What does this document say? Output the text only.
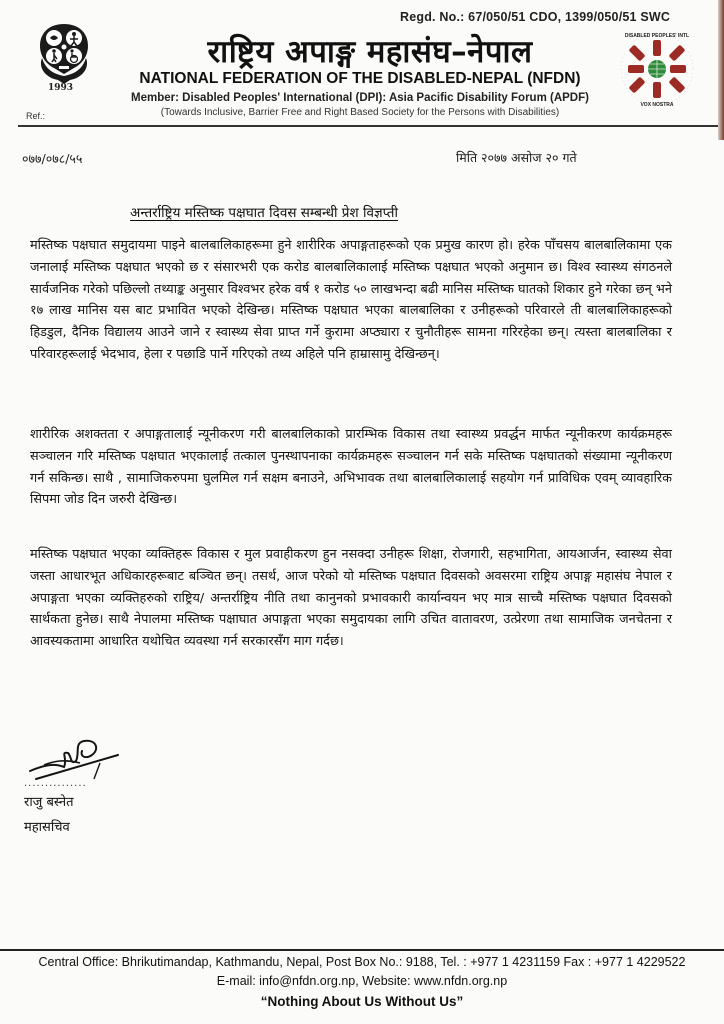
Regd. No.: 67/050/51 CDO, 1399/050/51 SWC
1993
Ref.:
राष्ट्रिय अपाङ्ग महासंघ–नेपाल
NATIONAL FEDERATION OF THE DISABLED-NEPAL (NFDN)
Member: Disabled Peoples' International (DPI): Asia Pacific Disability Forum (APDF)
(Towards Inclusive, Barrier Free and Right Based Society for the Persons with Disabilities)
DISABLED PEOPLES' INTL
VOX NOSTRA
०७७/०७८/५५	मिति २०७७ असोज २० गते
अन्तर्राष्ट्रिय मस्तिष्क पक्षघात दिवस सम्बन्धी प्रेश विज्ञप्ती

मस्तिष्क पक्षघात समुदायमा पाइने बालबालिकाहरूमा हुने शारीरिक अपाङ्गताहरूको एक प्रमुख कारण हो। हरेक पाँचसय बालबालिकामा एक जनालाई मस्तिष्क पक्षघात भएको छ र संसारभरी एक करोड बालबालिकालाई मस्तिष्क पक्षघात भएको अनुमान छ। विश्व स्वास्थ्य संगठनले सार्वजनिक गरेको पछिल्लो तथ्याङ्क अनुसार विश्वभर हरेक वर्ष १ करोड ५० लाखभन्दा बढी मानिस मस्तिष्क घातको शिकार हुने गरेका छन् भने १७ लाख मानिस यस बाट प्रभावित भएको देखिन्छ। मस्तिष्क पक्षघात भएका बालबालिका र उनीहरूको परिवारले ती बालबालिकाहरूको हिडडुल, दैनिक विद्यालय आउने जाने र स्वास्थ्य सेवा प्राप्त गर्ने कुरामा अप्ठ्यारा र चुनौतीहरू सामना गरिरहेका छन्। त्यस्ता बालबालिका र परिवारहरूलाई भेदभाव, हेला र पछाडि पार्ने गरिएको तथ्य अहिले पनि हाम्रासामु देखिन्छन्।

शारीरिक अशक्तता र अपाङ्गतालाई न्यूनीकरण गरी बालबालिकाको प्रारम्भिक विकास तथा स्वास्थ्य प्रवर्द्धन मार्फत न्यूनीकरण कार्यक्रमहरू सञ्चालन गरि मस्तिष्क पक्षघात भएकालाई तत्काल पुनस्थापनाका कार्यक्रमहरू सञ्चालन गर्न सके मस्तिष्क पक्षघातको संख्यामा न्यूनीकरण गर्न सकिन्छ। साथै , सामाजिकरुपमा घुलमिल गर्न सक्षम बनाउने, अभिभावक तथा बालबालिकालाई सहयोग गर्न प्राविधिक एवम् व्यावहारिक सिपमा जोड दिन जरुरी देखिन्छ।

मस्तिष्क पक्षघात भएका व्यक्तिहरू विकास र मुल प्रवाहीकरण हुन नसक्दा उनीहरू शिक्षा, रोजगारी, सहभागिता, आयआर्जन, स्वास्थ्य सेवा जस्ता आधारभूत अधिकारहरूबाट बञ्चित छन्। तसर्थ, आज परेको यो मस्तिष्क पक्षघात दिवसको अवसरमा राष्ट्रिय अपाङ्ग महासंघ नेपाल र अपाङ्गता भएका व्यक्तिहरुको राष्ट्रिय/ अन्तर्राष्ट्रिय नीति तथा कानुनको प्रभावकारी कार्यान्वयन भए मात्र साच्चै मस्तिष्क पक्षघात दिवसको सार्थकता हुनेछ। साथै नेपालमा मस्तिष्क पक्षाघात अपाङ्गता भएका समुदायका लागि उचित वातावरण, उत्प्रेरणा तथा सामाजिक जनचेतना र आवस्यकतामा आधारित यथोचित व्यवस्था गर्न सरकारसँग माग गर्दछ।

...............
राजु बस्नेत
महासचिव
Central Office: Bhrikutimandap, Kathmandu, Nepal, Post Box No.: 9188, Tel. : +977 1 4231159 Fax : +977 1 4229522
E-mail: info@nfdn.org.np, Website: www.nfdn.org.np
“Nothing About Us Without Us”
